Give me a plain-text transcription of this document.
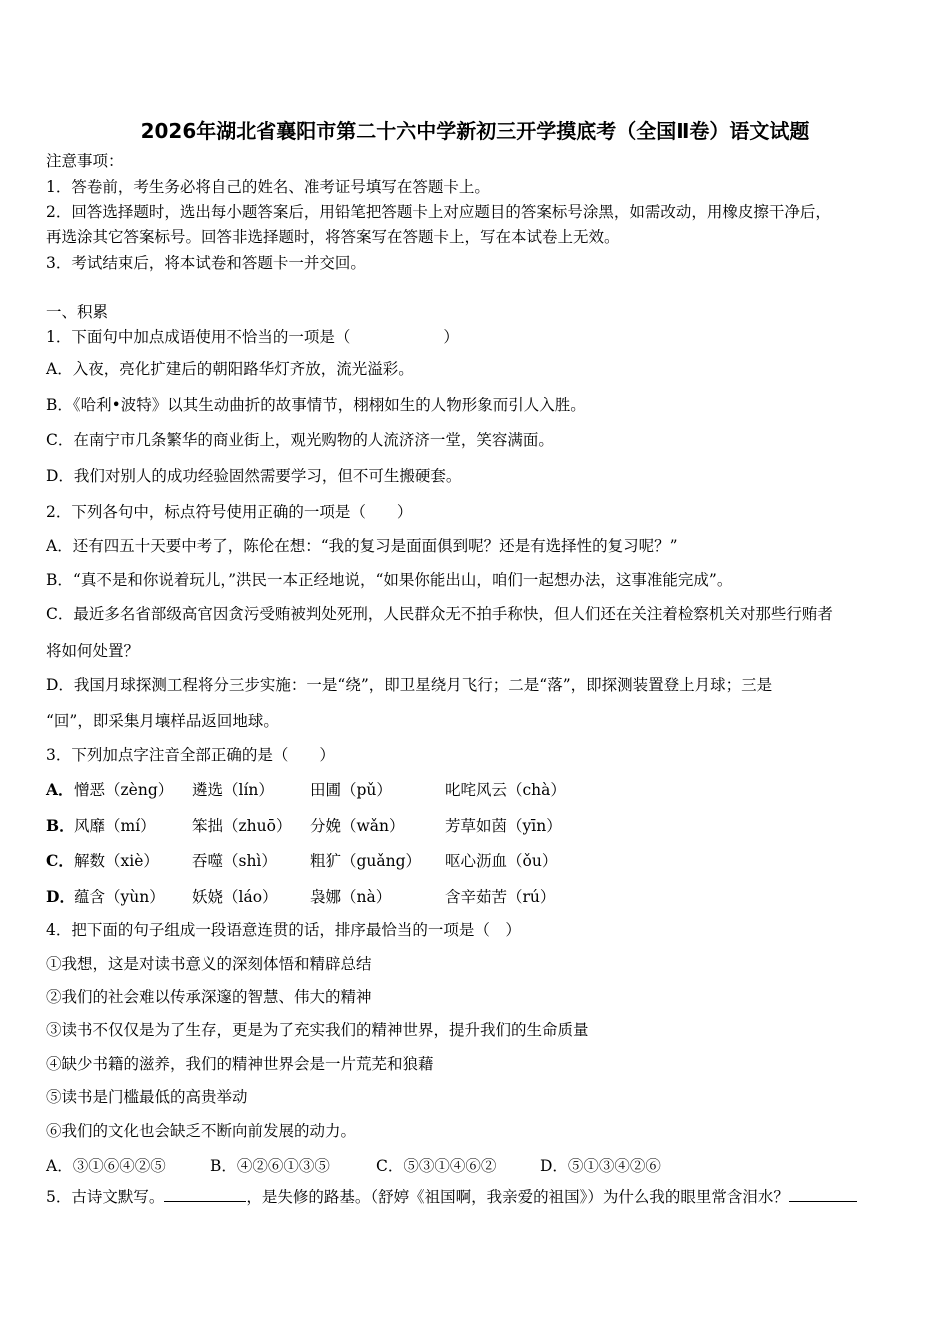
2026年湖北省襄阳市第二十六中学新初三开学摸底考（全国Ⅱ卷）语文试题
注意事项：
1．答卷前，考生务必将自己的姓名、准考证号填写在答题卡上。
2．回答选择题时，选出每小题答案后，用铅笔把答题卡上对应题目的答案标号涂黑，如需改动，用橡皮擦干净后，
再选涂其它答案标号。回答非选择题时，将答案写在答题卡上，写在本试卷上无效。
3．考试结束后，将本试卷和答题卡一并交回。
一、积累
1．下面句中加点成语使用不恰当的一项是（　　　　　　）
A．入夜，亮化扩建后的朝阳路华灯齐放，流光溢彩。
B．《哈利•波特》以其生动曲折的故事情节，栩栩如生的人物形象而引人入胜。
C．在南宁市几条繁华的商业街上，观光购物的人流济济一堂，笑容满面。
D．我们对别人的成功经验固然需要学习，但不可生搬硬套。
2．下列各句中，标点符号使用正确的一项是（　　）
A．还有四五十天要中考了，陈伦在想：“我的复习是面面俱到呢？还是有选择性的复习呢？”
B．“真不是和你说着玩儿，”洪民一本正经地说，“如果你能出山，咱们一起想办法，这事准能完成”。
C．最近多名省部级高官因贪污受贿被判处死刑，人民群众无不拍手称快，但人们还在关注着检察机关对那些行贿者
将如何处置？
D．我国月球探测工程将分三步实施：一是“绕”，即卫星绕月飞行；二是“落”，即探测装置登上月球；三是
“回”，即采集月壤样品返回地球。
3．下列加点字注音全部正确的是（　　）
A． 憎恶（zèng） 遴选（lín） 田圃（pǔ）	叱咤风云（chà）
B． 风靡（mí） 笨拙（zhuō） 分娩（wǎn）	芳草如茵（yīn）
C． 解数（xiè） 吞噬（shì） 粗犷（guǎng） 呕心沥血（ǒu）
D． 蕴含（yùn） 妖娆（láo） 袅娜（nà）	含辛茹苦（rú）
4．把下面的句子组成一段语意连贯的话，排序最恰当的一项是（　）
①我想，这是对读书意义的深刻体悟和精辟总结
②我们的社会难以传承深邃的智慧、伟大的精神
③读书不仅仅是为了生存，更是为了充实我们的精神世界，提升我们的生命质量
④缺少书籍的滋养，我们的精神世界会是一片荒芜和狼藉
⑤读书是门槛最低的高贵举动
⑥我们的文化也会缺乏不断向前发展的动力。
A．③①⑥④②⑤	B．④②⑥①③⑤	C．⑤③①④⑥②	D．⑤①③④②⑥
5．古诗文默写。	，是失修的路基。（舒婷《祖国啊，我亲爱的祖国》）为什么我的眼里常含泪水？
